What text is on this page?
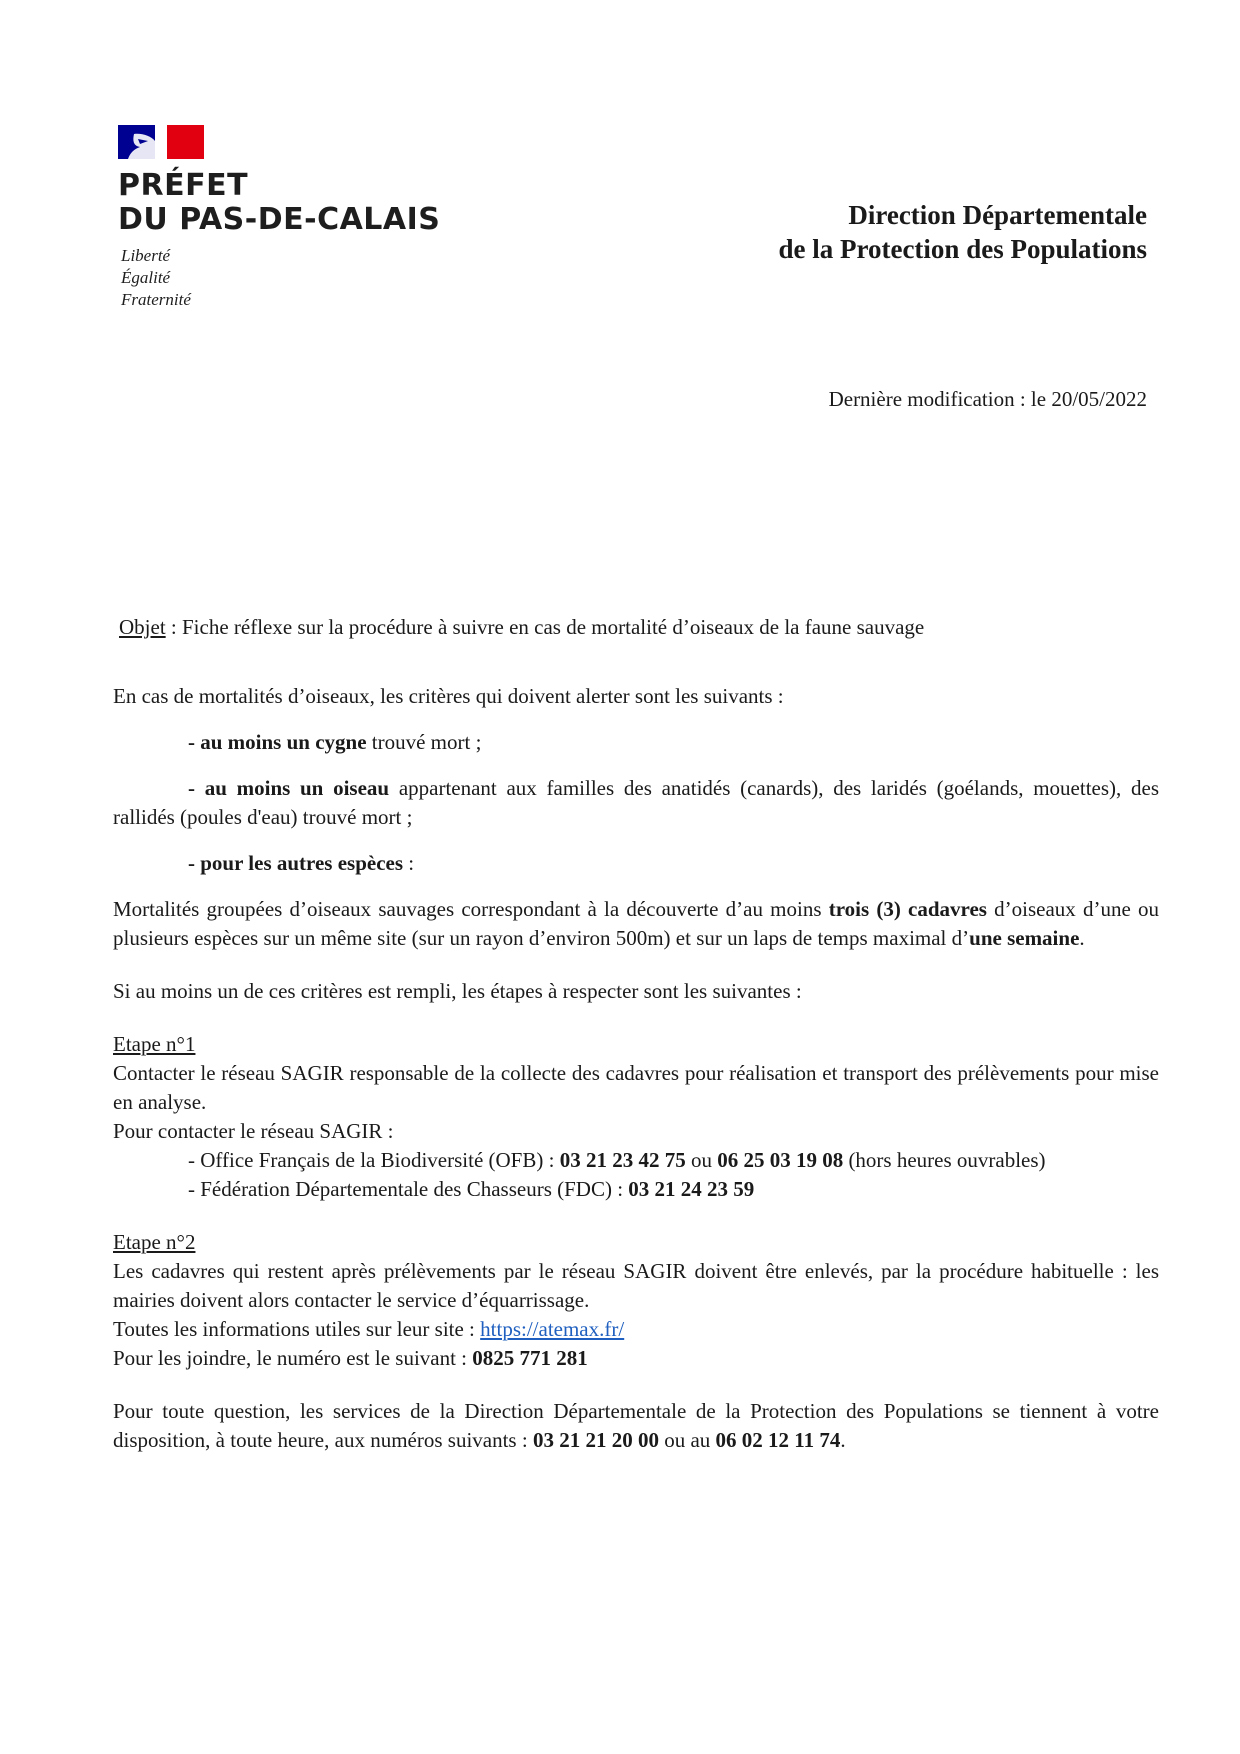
PRÉFET
DU PAS-DE-CALAIS
Liberté
Égalité
Fraternité
Direction Départementale
de la Protection des Populations
Dernière modification : le 20/05/2022

Objet : Fiche réflexe sur la procédure à suivre en cas de mortalité d’oiseaux de la faune sauvage

En cas de mortalités d’oiseaux, les critères qui doivent alerter sont les suivants :

- au moins un cygne trouvé mort ;

- au moins un oiseau appartenant aux familles des anatidés (canards), des laridés (goélands, mouettes), des rallidés (poules d'eau) trouvé mort ;

- pour les autres espèces :

Mortalités groupées d’oiseaux sauvages correspondant à la découverte d’au moins trois (3) cadavres d’oiseaux d’une ou plusieurs espèces sur un même site (sur un rayon d’environ 500m) et sur un laps de temps maximal d’une semaine.

Si au moins un de ces critères est rempli, les étapes à respecter sont les suivantes :

Etape n°1

Contacter le réseau SAGIR responsable de la collecte des cadavres pour réalisation et transport des prélèvements pour mise en analyse.

Pour contacter le réseau SAGIR :

- Office Français de la Biodiversité (OFB) : 03 21 23 42 75 ou 06 25 03 19 08 (hors heures ouvrables)

- Fédération Départementale des Chasseurs (FDC) : 03 21 24 23 59

Etape n°2

Les cadavres qui restent après prélèvements par le réseau SAGIR doivent être enlevés, par la procédure habituelle : les mairies doivent alors contacter le service d’équarrissage.

Toutes les informations utiles sur leur site : https://atemax.fr/

Pour les joindre, le numéro est le suivant : 0825 771 281

Pour toute question, les services de la Direction Départementale de la Protection des Populations se tiennent à votre disposition, à toute heure, aux numéros suivants : 03 21 21 20 00 ou au 06 02 12 11 74.
